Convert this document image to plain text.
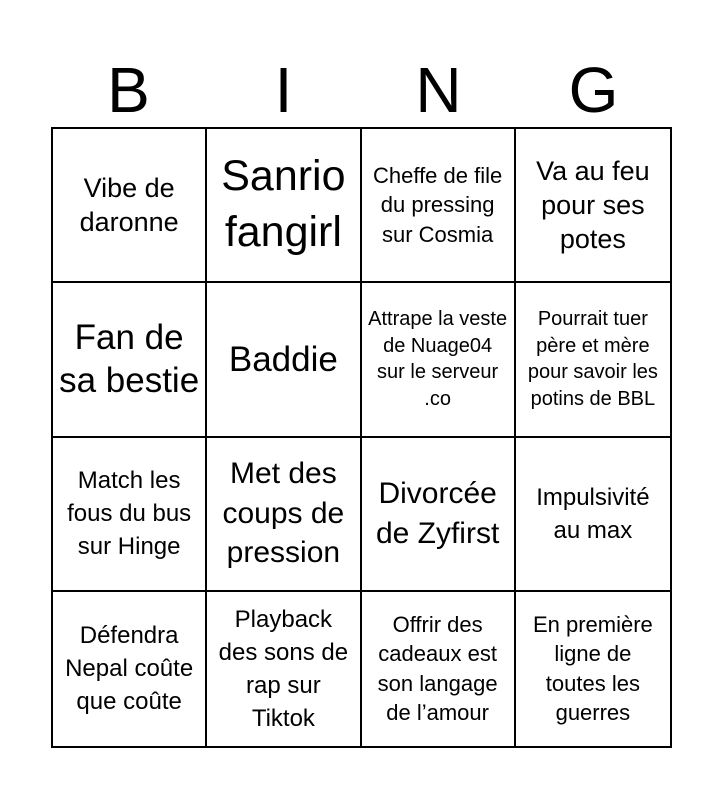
B	I	N	G
Vibe de daronne
Sanrio fangirl
Cheffe de file du pressing sur Cosmia
Va au feu pour ses potes
Fan de sa bestie
Baddie
Attrape la veste de Nuage04 sur le serveur .co
Pourrait tuer père et mère pour savoir les potins de BBL
Match les fous du bus sur Hinge
Met des coups de pression
Divorcée de Zyfirst
Impulsivité au max
Défendra Nepal coûte que coûte
Playback des sons de rap sur Tiktok
Offrir des cadeaux est son langage de l’amour
En première ligne de toutes les guerres
